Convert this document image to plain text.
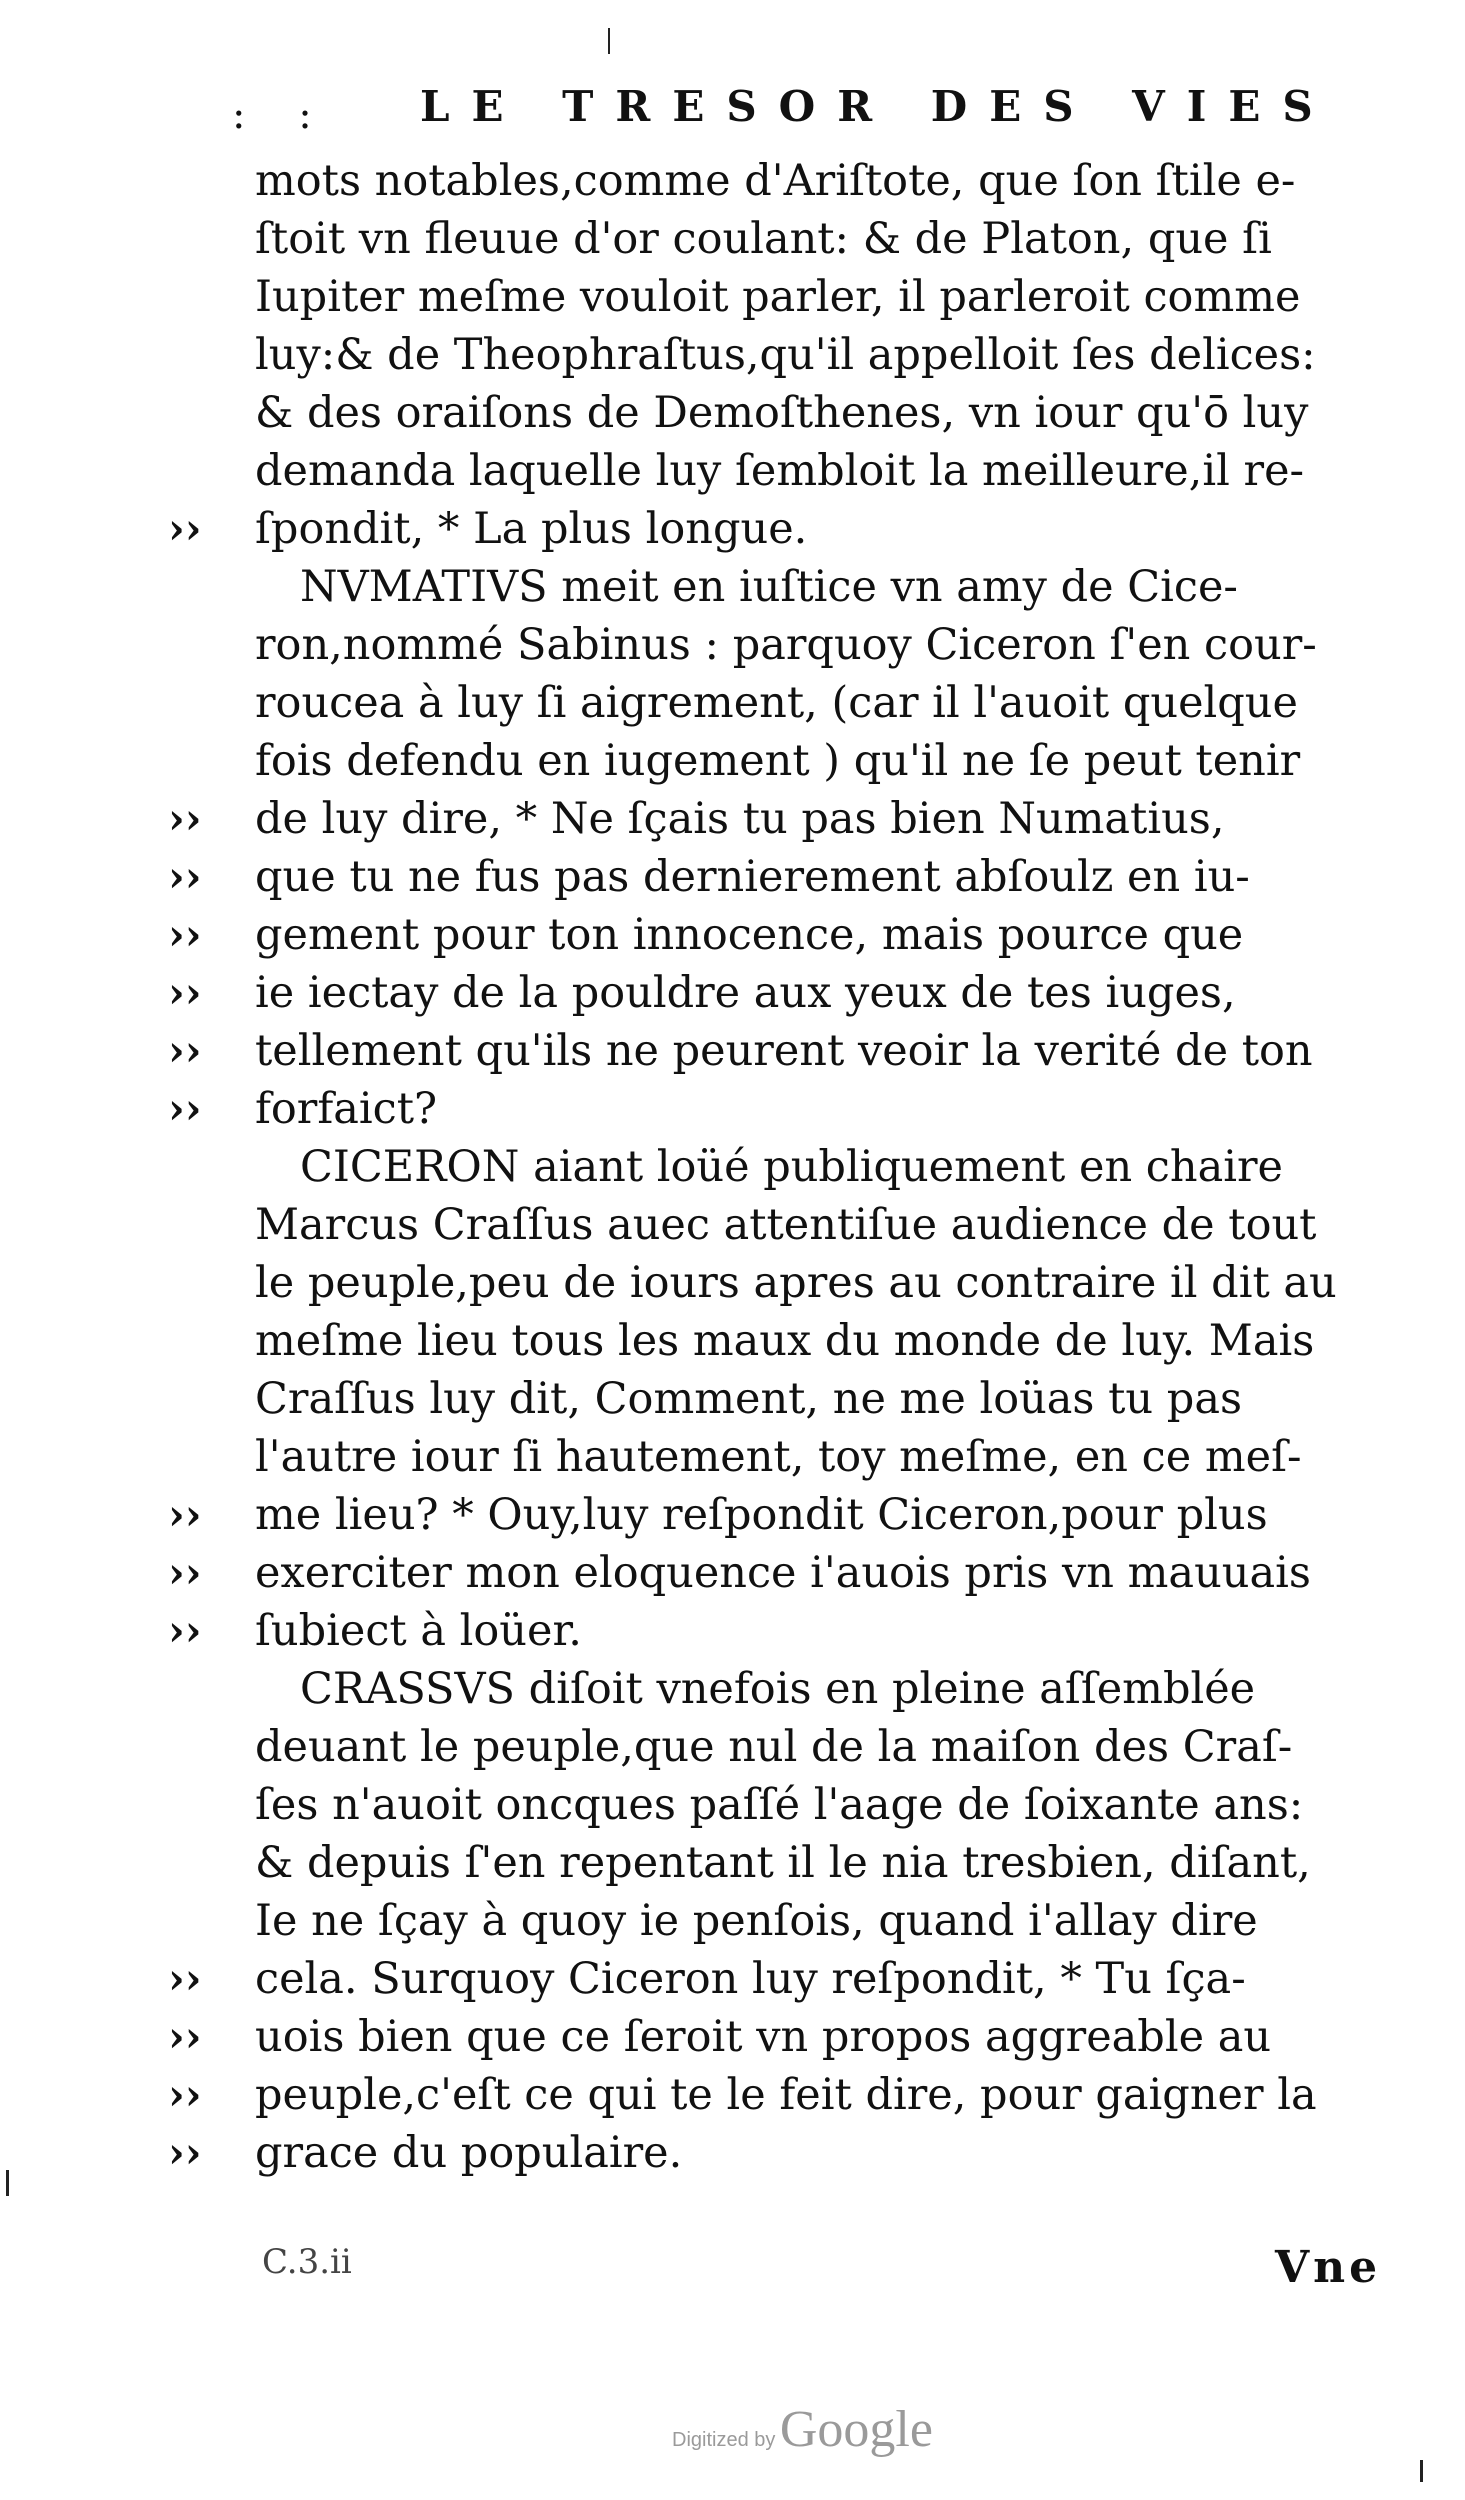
: : LE TRESOR DES VIES
mots notables,comme d'Ariſtote, que ſon ſtile e-
ſtoit vn fleuue d'or coulant: & de Platon, que ſi
Iupiter meſme vouloit parler, il parleroit comme
luy:& de Theophraſtus,qu'il appelloit ſes delices:
& des oraiſons de Demoſthenes, vn iour qu'ō luy
demanda laquelle luy ſembloit la meilleure,il re-
››	ſpondit, * La plus longue.
NVMATIVS meit en iuſtice vn amy de Cice-
ron,nommé Sabinus : parquoy Ciceron ſ'en cour-
roucea à luy ſi aigrement, (car il l'auoit quelque
fois defendu en iugement ) qu'il ne ſe peut tenir
››	de luy dire, * Ne ſçais tu pas bien Numatius,
››	que tu ne fus pas dernierement abſoulz en iu-
››	gement pour ton innocence, mais pource que
››	ie iectay de la pouldre aux yeux de tes iuges,
››	tellement qu'ils ne peurent veoir la verité de ton
››	forfaict?
CICERON aiant loüé publiquement en chaire
Marcus Craſſus auec attentiſue audience de tout
le peuple,peu de iours apres au contraire il dit au
meſme lieu tous les maux du monde de luy. Mais
Craſſus luy dit, Comment, ne me loüas tu pas
l'autre iour ſi hautement, toy meſme, en ce meſ-
››	me lieu? * Ouy,luy reſpondit Ciceron,pour plus
››	exerciter mon eloquence i'auois pris vn mauuais
››	ſubiect à loüer.
CRASSVS diſoit vnefois en pleine aſſemblée
deuant le peuple,que nul de la maiſon des Craſ-
ſes n'auoit oncques paſſé l'aage de ſoixante ans:
& depuis ſ'en repentant il le nia tresbien, diſant,
Ie ne ſçay à quoy ie penſois, quand i'allay dire
››	cela. Surquoy Ciceron luy reſpondit, * Tu ſça-
››	uois bien que ce ſeroit vn propos aggreable au
››	peuple,c'eſt ce qui te le feit dire, pour gaigner la
››	grace du populaire.
C.3.ii	Vne
Digitized by Google
